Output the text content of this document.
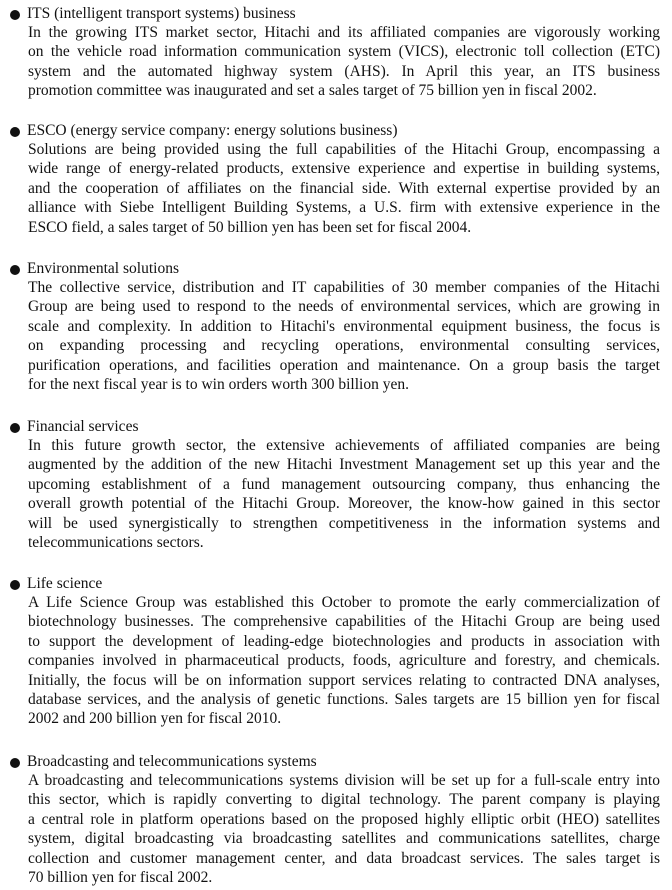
ITS (intelligent transport systems) business
In the growing ITS market sector, Hitachi and its affiliated companies are vigorously working
on the vehicle road information communication system (VICS), electronic toll collection (ETC)
system and the automated highway system (AHS). In April this year, an ITS business
promotion committee was inaugurated and set a sales target of 75 billion yen in fiscal 2002.
ESCO (energy service company: energy solutions business)
Solutions are being provided using the full capabilities of the Hitachi Group, encompassing a
wide range of energy-related products, extensive experience and expertise in building systems,
and the cooperation of affiliates on the financial side. With external expertise provided by an
alliance with Siebe Intelligent Building Systems, a U.S. firm with extensive experience in the
ESCO field, a sales target of 50 billion yen has been set for fiscal 2004.
Environmental solutions
The collective service, distribution and IT capabilities of 30 member companies of the Hitachi
Group are being used to respond to the needs of environmental services, which are growing in
scale and complexity. In addition to Hitachi's environmental equipment business, the focus is
on expanding processing and recycling operations, environmental consulting services,
purification operations, and facilities operation and maintenance. On a group basis the target
for the next fiscal year is to win orders worth 300 billion yen.
Financial services
In this future growth sector, the extensive achievements of affiliated companies are being
augmented by the addition of the new Hitachi Investment Management set up this year and the
upcoming establishment of a fund management outsourcing company, thus enhancing the
overall growth potential of the Hitachi Group. Moreover, the know-how gained in this sector
will be used synergistically to strengthen competitiveness in the information systems and
telecommunications sectors.
Life science
A Life Science Group was established this October to promote the early commercialization of
biotechnology businesses. The comprehensive capabilities of the Hitachi Group are being used
to support the development of leading-edge biotechnologies and products in association with
companies involved in pharmaceutical products, foods, agriculture and forestry, and chemicals.
Initially, the focus will be on information support services relating to contracted DNA analyses,
database services, and the analysis of genetic functions. Sales targets are 15 billion yen for fiscal
2002 and 200 billion yen for fiscal 2010.
Broadcasting and telecommunications systems
A broadcasting and telecommunications systems division will be set up for a full-scale entry into
this sector, which is rapidly converting to digital technology. The parent company is playing
a central role in platform operations based on the proposed highly elliptic orbit (HEO) satellites
system, digital broadcasting via broadcasting satellites and communications satellites, charge
collection and customer management center, and data broadcast services. The sales target is
70 billion yen for fiscal 2002.
